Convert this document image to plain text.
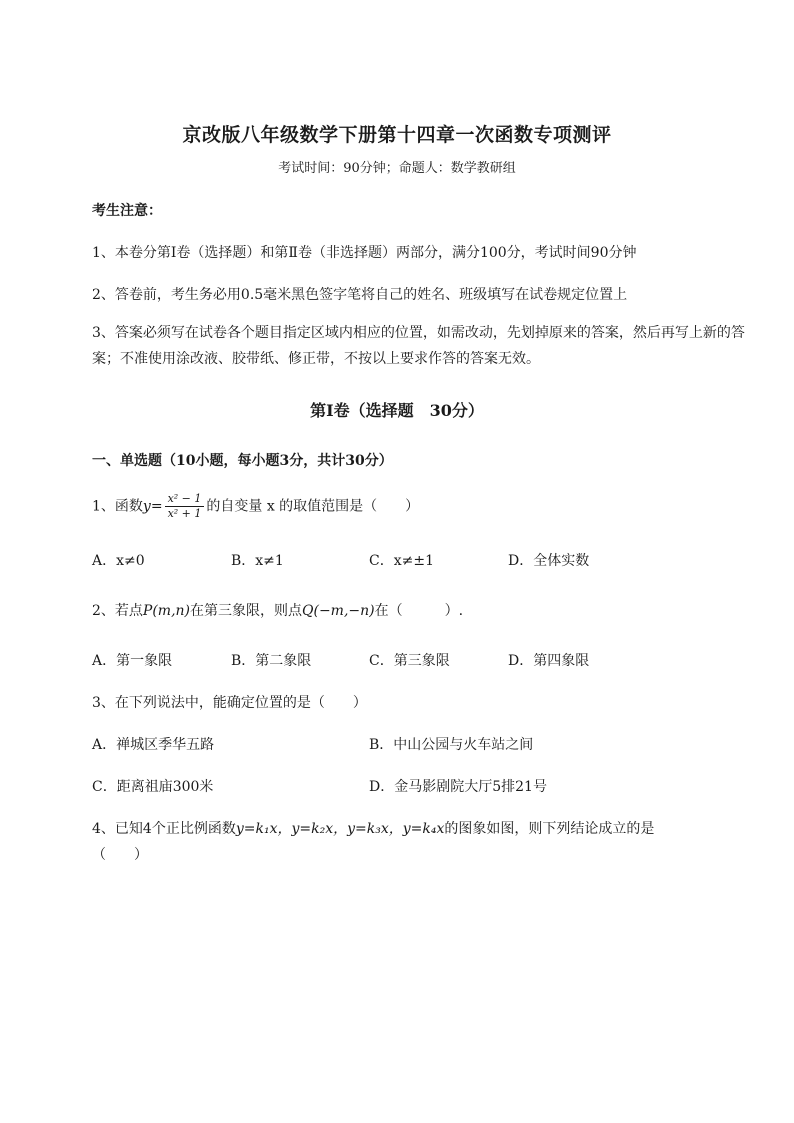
京改版八年级数学下册第十四章一次函数专项测评
考试时间：90分钟；命题人：数学教研组
考生注意：
1、本卷分第I卷（选择题）和第Ⅱ卷（非选择题）两部分，满分100分，考试时间90分钟
2、答卷前，考生务必用0.5毫米黑色签字笔将自己的姓名、班级填写在试卷规定位置上
3、答案必须写在试卷各个题目指定区域内相应的位置，如需改动，先划掉原来的答案，然后再写上新的答案；不准使用涂改液、胶带纸、修正带，不按以上要求作答的答案无效。
第I卷（选择题　30分）
一、单选题（10小题，每小题3分，共计30分）
1、函数$y= \frac{\text{x² − 1}}{\text{x² + 1}}$ 的自变量 x 的取值范围是（　　）
A．x≠0	B．x≠1	C．x≠±1	D．全体实数
2、若点P(m,n)在第三象限，则点Q(−m,−n)在（　　　）.
A．第一象限	B．第二象限	C．第三象限	D．第四象限
3、在下列说法中，能确定位置的是（　　）
A．禅城区季华五路	B．中山公园与火车站之间
C．距离祖庙300米	D．金马影剧院大厅5排21号
4、已知4个正比例函数y=k₁x，y=k₂x，y=k₃x，y=k₄x的图象如图，则下列结论成立的是
（　　）
